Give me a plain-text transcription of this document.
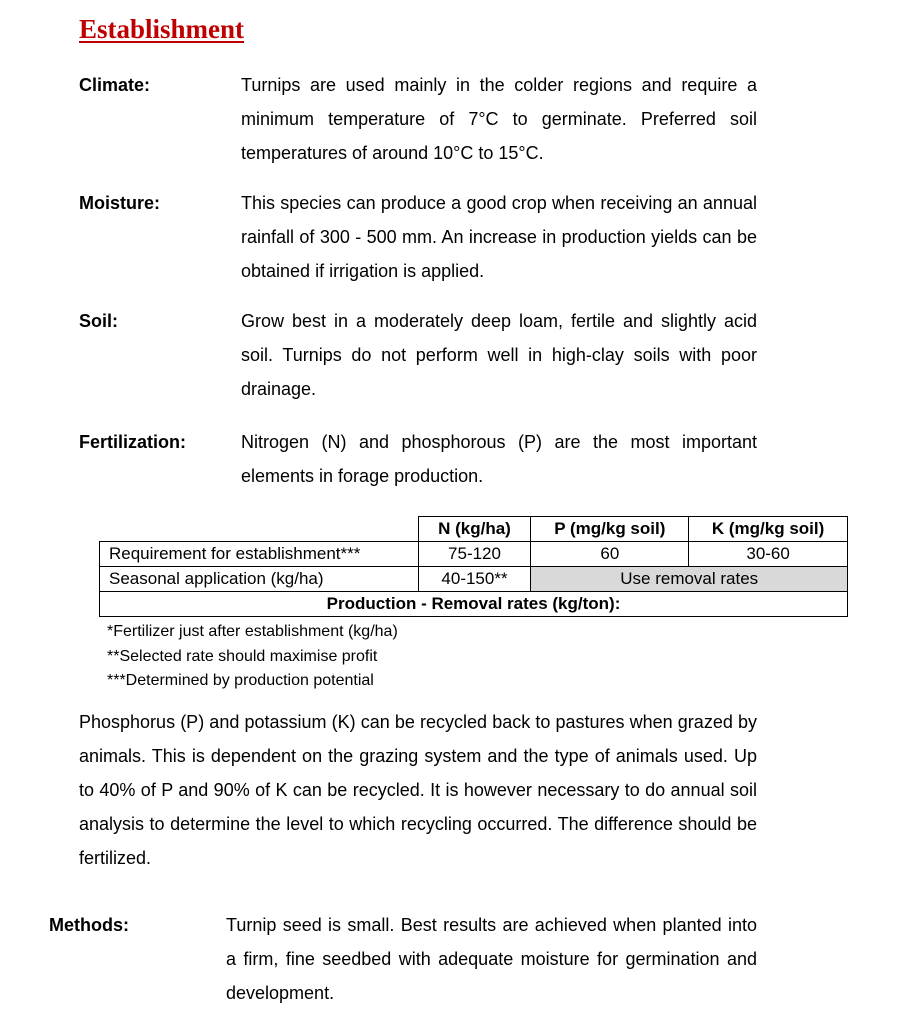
Establishment
Climate:	Turnips are used mainly in the colder regions and require a minimum temperature of 7°C to germinate. Preferred soil temperatures of around 10°C to 15°C.
Moisture:	This species can produce a good crop when receiving an annual rainfall of 300 - 500 mm. An increase in production yields can be obtained if irrigation is applied.
Soil:	Grow best in a moderately deep loam, fertile and slightly acid soil. Turnips do not perform well in high-clay soils with poor drainage.
Fertilization:	Nitrogen (N) and phosphorous (P) are the most important elements in forage production.
	N (kg/ha)	P (mg/kg soil)	K (mg/kg soil)
Requirement for establishment***	75-120	60	30-60
Seasonal application (kg/ha)	40-150**	Use removal rates	
Production - Removal rates (kg/ton):			
*Fertilizer just after establishment (kg/ha)
**Selected rate should maximise profit
***Determined by production potential
Phosphorus (P) and potassium (K) can be recycled back to pastures when grazed by animals. This is dependent on the grazing system and the type of animals used. Up to 40% of P and 90% of K can be recycled. It is however necessary to do annual soil analysis to determine the level to which recycling occurred. The difference should be fertilized.
Methods:	Turnip seed is small. Best results are achieved when planted into a firm, fine seedbed with adequate moisture for germination and development.
